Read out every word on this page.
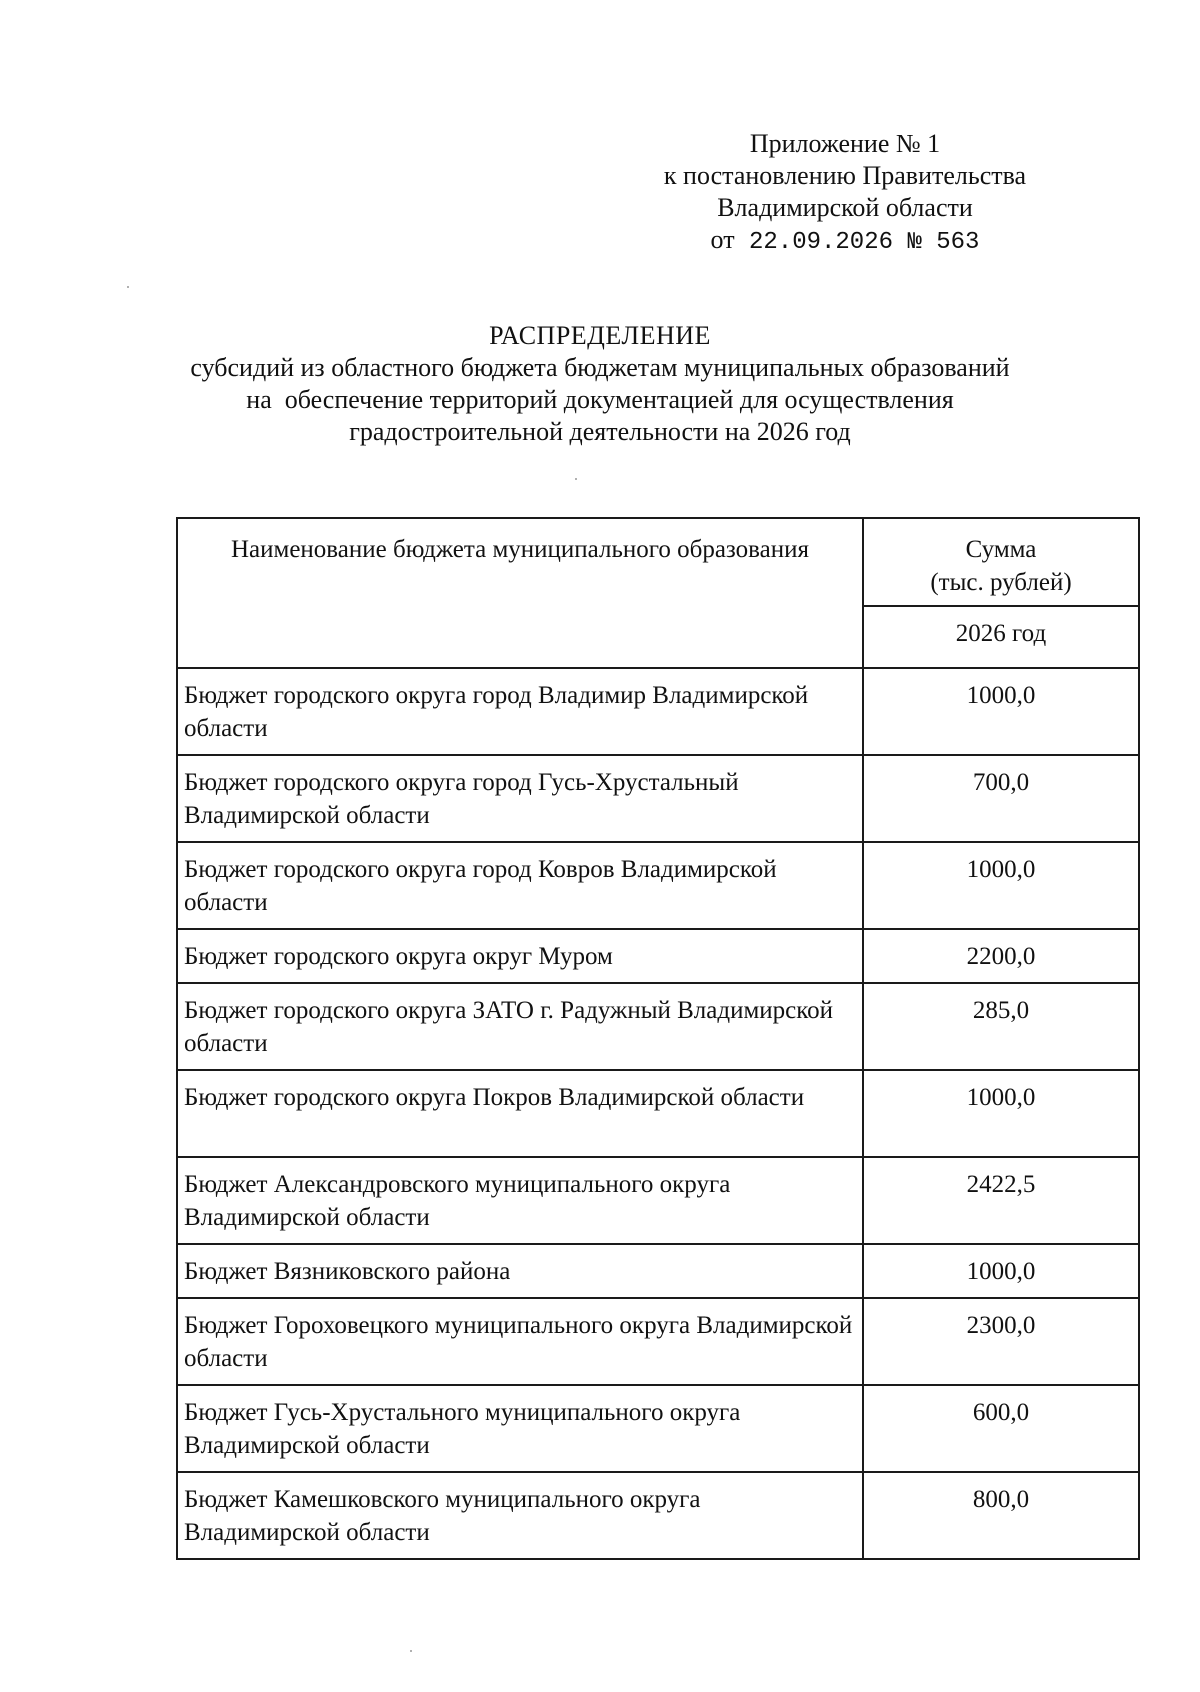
Приложение № 1
к постановлению Правительства
Владимирской области
от 22.09.2026 № 563
РАСПРЕДЕЛЕНИЕ
субсидий из областного бюджета бюджетам муниципальных образований
на  обеспечение территорий документацией для осуществления
градостроительной деятельности на 2026 год
Наименование бюджета муниципального образования	Сумма
(тыс. рублей)

	2026 год
Бюджет городского округа город Владимир Владимирской области	1000,0
Бюджет городского округа город Гусь-Хрустальный Владимирской области	700,0
Бюджет городского округа город Ковров Владимирской области	1000,0
Бюджет городского округа округ Муром	2200,0
Бюджет городского округа ЗАТО г. Радужный Владимирской области	285,0
Бюджет городского округа Покров Владимирской области	1000,0
Бюджет Александровского муниципального округа Владимирской области	2422,5
Бюджет Вязниковского района	1000,0
Бюджет Гороховецкого муниципального округа Владимирской области	2300,0
Бюджет Гусь-Хрустального муниципального округа Владимирской области	600,0
Бюджет Камешковского муниципального округа Владимирской области	800,0
